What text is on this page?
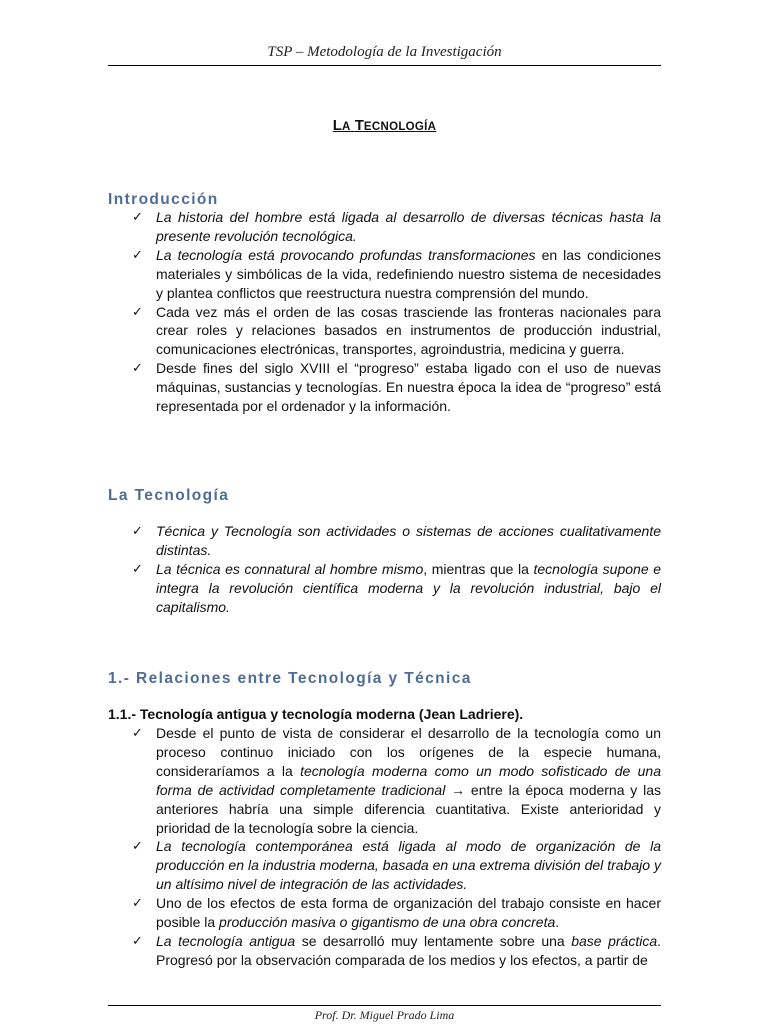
TSP – Metodología de la Investigación
LA TECNOLOGÍA
Introducción
✓ La historia del hombre está ligada al desarrollo de diversas técnicas hasta la presente revolución tecnológica.
✓ La tecnología está provocando profundas transformaciones en las condiciones materiales y simbólicas de la vida, redefiniendo nuestro sistema de necesidades y plantea conflictos que reestructura nuestra comprensión del mundo.
✓ Cada vez más el orden de las cosas trasciende las fronteras nacionales para crear roles y relaciones basados en instrumentos de producción industrial, comunicaciones electrónicas, transportes, agroindustria, medicina y guerra.
✓ Desde fines del siglo XVIII el “progreso” estaba ligado con el uso de nuevas máquinas, sustancias y tecnologías. En nuestra época la idea de “progreso” está representada por el ordenador y la información.
La Tecnología
✓ Técnica y Tecnología son actividades o sistemas de acciones cualitativamente distintas.
✓ La técnica es connatural al hombre mismo, mientras que la tecnología supone e integra la revolución científica moderna y la revolución industrial, bajo el capitalismo.
1.- Relaciones entre Tecnología y Técnica
1.1.- Tecnología antigua y tecnología moderna (Jean Ladriere).
✓ Desde el punto de vista de considerar el desarrollo de la tecnología como un proceso continuo iniciado con los orígenes de la especie humana, consideraríamos a la tecnología moderna como un modo sofisticado de una forma de actividad completamente tradicional → entre la época moderna y las anteriores habría una simple diferencia cuantitativa. Existe anterioridad y prioridad de la tecnología sobre la ciencia.
✓ La tecnología contemporánea está ligada al modo de organización de la producción en la industria moderna, basada en una extrema división del trabajo y un altísimo nivel de integración de las actividades.
✓ Uno de los efectos de esta forma de organización del trabajo consiste en hacer posible la producción masiva o gigantismo de una obra concreta.
✓ La tecnología antigua se desarrolló muy lentamente sobre una base práctica. Progresó por la observación comparada de los medios y los efectos, a partir de
Prof. Dr. Miguel Prado Lima
